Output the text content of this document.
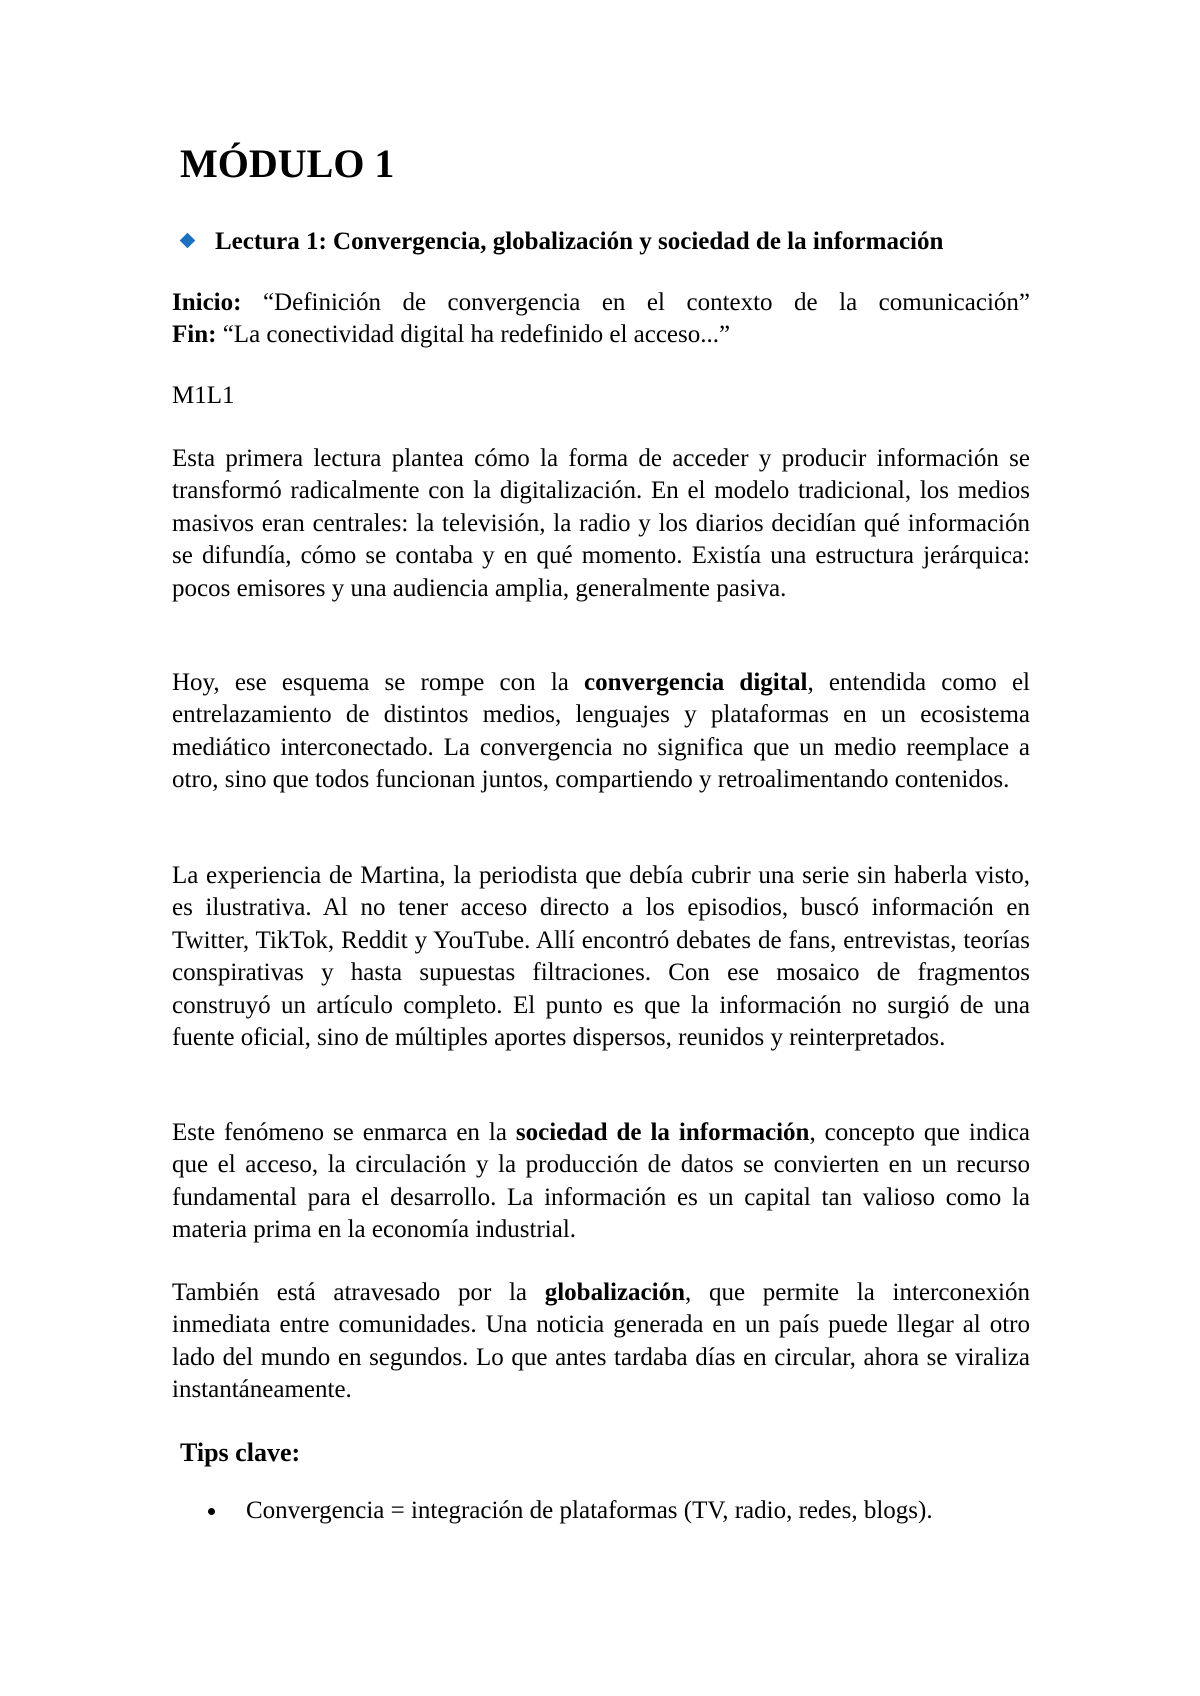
MÓDULO 1
Lectura 1: Convergencia, globalización y sociedad de la información

Inicio: “Definición de convergencia en el contexto de la comunicación”

Fin: “La conectividad digital ha redefinido el acceso...”

M1L1

Esta primera lectura plantea cómo la forma de acceder y producir información se transformó radicalmente con la digitalización. En el modelo tradicional, los medios masivos eran centrales: la televisión, la radio y los diarios decidían qué información se difundía, cómo se contaba y en qué momento. Existía una estructura jerárquica: pocos emisores y una audiencia amplia, generalmente pasiva.

Hoy, ese esquema se rompe con la convergencia digital, entendida como el entrelazamiento de distintos medios, lenguajes y plataformas en un ecosistema mediático interconectado. La convergencia no significa que un medio reemplace a otro, sino que todos funcionan juntos, compartiendo y retroalimentando contenidos.

La experiencia de Martina, la periodista que debía cubrir una serie sin haberla visto, es ilustrativa. Al no tener acceso directo a los episodios, buscó información en Twitter, TikTok, Reddit y YouTube. Allí encontró debates de fans, entrevistas, teorías conspirativas y hasta supuestas filtraciones. Con ese mosaico de fragmentos construyó un artículo completo. El punto es que la información no surgió de una fuente oficial, sino de múltiples aportes dispersos, reunidos y reinterpretados.

Este fenómeno se enmarca en la sociedad de la información, concepto que indica que el acceso, la circulación y la producción de datos se convierten en un recurso fundamental para el desarrollo. La información es un capital tan valioso como la materia prima en la economía industrial.

También está atravesado por la globalización, que permite la interconexión inmediata entre comunidades. Una noticia generada en un país puede llegar al otro lado del mundo en segundos. Lo que antes tardaba días en circular, ahora se viraliza instantáneamente.

Tips clave:
Convergencia = integración de plataformas (TV, radio, redes, blogs).
